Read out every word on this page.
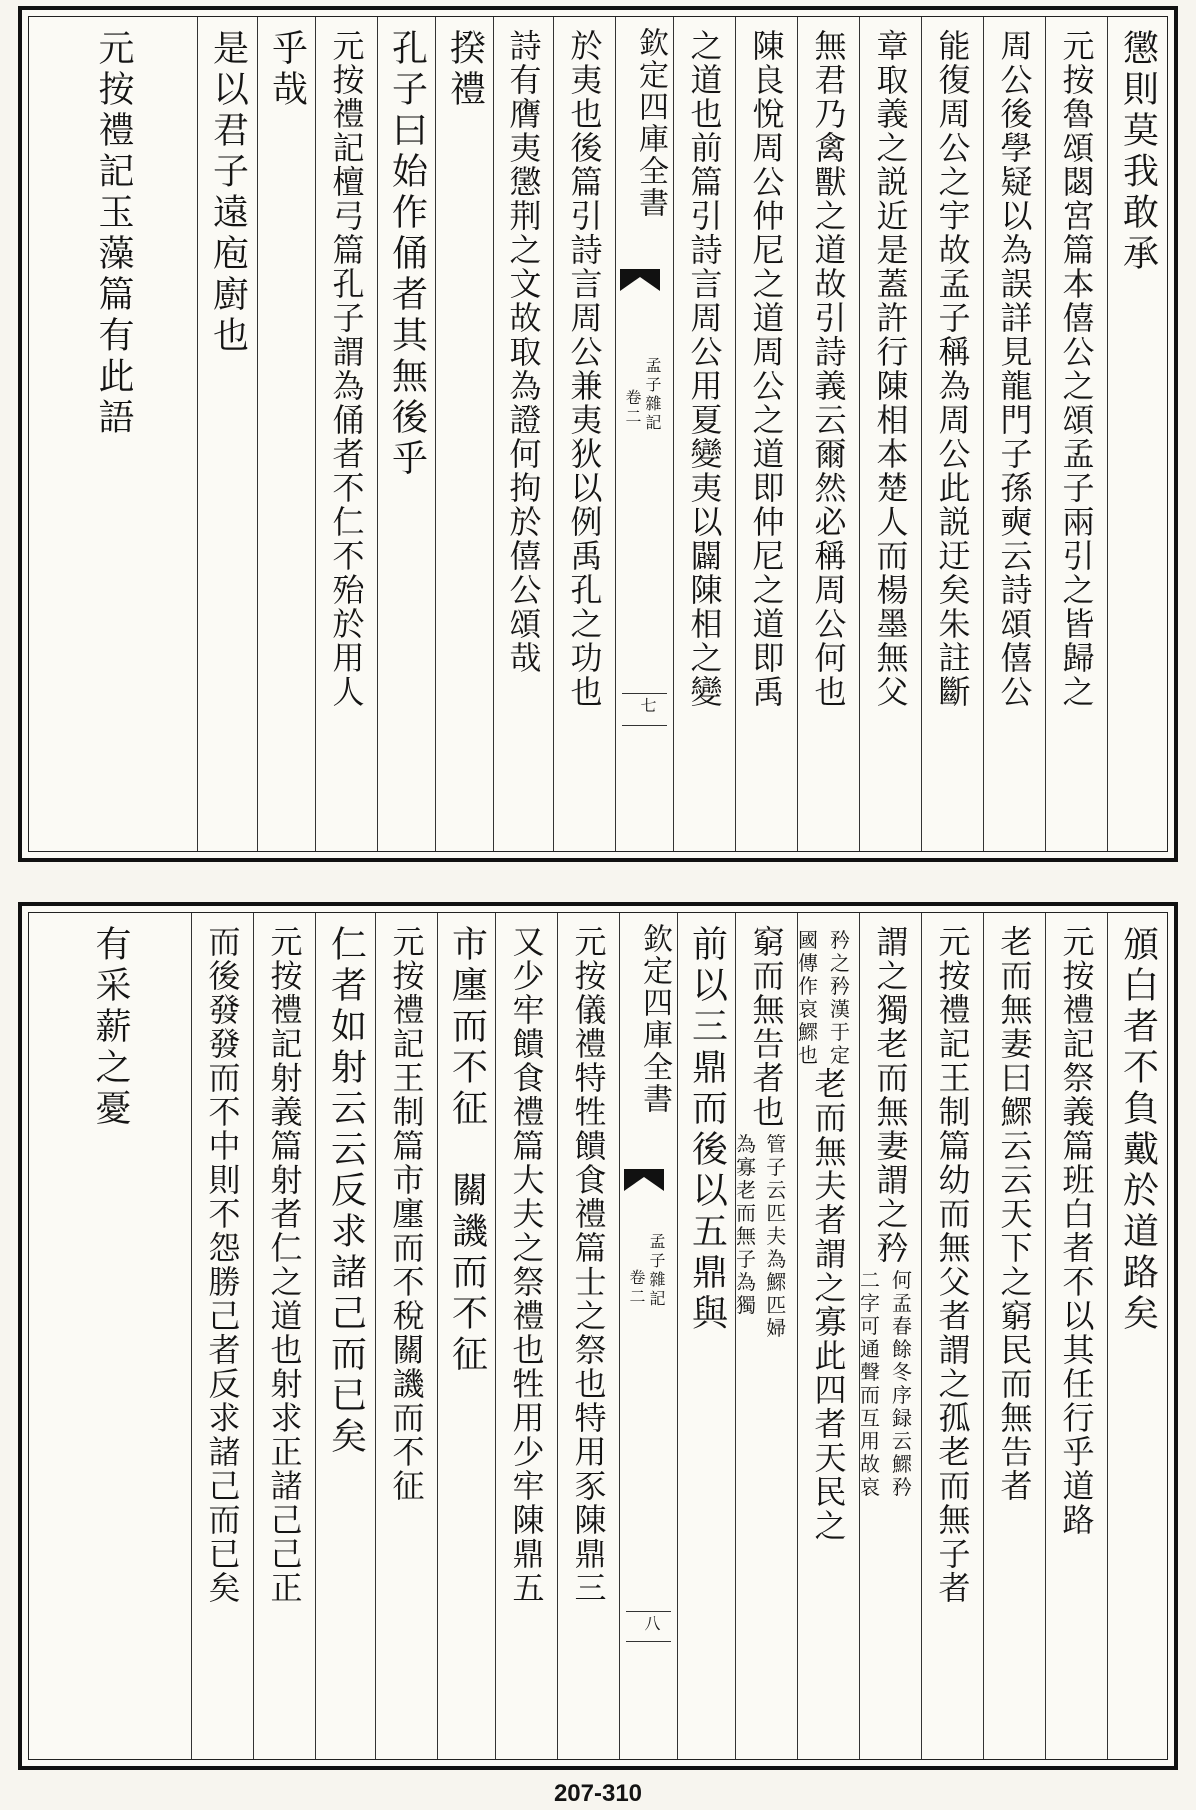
懲則莫我敢承
元按魯頌閟宮篇本僖公之頌孟子兩引之皆歸之
周公後學疑以為誤詳見龍門子孫奭云詩頌僖公
能復周公之宇故孟子稱為周公此説迂矣朱註斷
章取義之説近是蓋許行陳相本楚人而楊墨無父
無君乃禽獸之道故引詩義云爾然必稱周公何也
陳良悅周公仲尼之道周公之道即仲尼之道即禹
之道也前篇引詩言周公用夏變夷以闢陳相之變
欽定四庫全書
孟子雜記
卷二
七
於夷也後篇引詩言周公兼夷狄以例禹孔之功也
詩有膺夷懲荆之文故取為證何拘於僖公頌哉
揆禮
孔子曰始作俑者其無後乎
元按禮記檀弓篇孔子謂為俑者不仁不殆於用人
乎哉
是以君子遠庖廚也
元按禮記玉藻篇有此語
頒白者不負戴於道路矣
元按禮記祭義篇班白者不以其任行乎道路
老而無妻曰鰥云云天下之窮民而無告者
元按禮記王制篇幼而無父者謂之孤老而無子者
謂之獨老而無妻謂之矜
何孟春餘冬序録云鰥矜
二字可通聲而互用故哀
矜之矜漢于定
國傳作哀鰥也
老而無夫者謂之寡此四者天民之
窮而無告者也
管子云匹夫為鰥匹婦
為寡老而無子為獨
前以三鼎而後以五鼎與
欽定四庫全書
孟子雜記
卷二
八
元按儀禮特牲饋食禮篇士之祭也特用豕陳鼎三
又少牢饋食禮篇大夫之祭禮也牲用少牢陳鼎五
市廛而不征　關譏而不征
元按禮記王制篇市廛而不稅關譏而不征
仁者如射云云反求諸己而已矣
元按禮記射義篇射者仁之道也射求正諸己己正
而後發發而不中則不怨勝己者反求諸己而已矣
有采薪之憂
207-310
